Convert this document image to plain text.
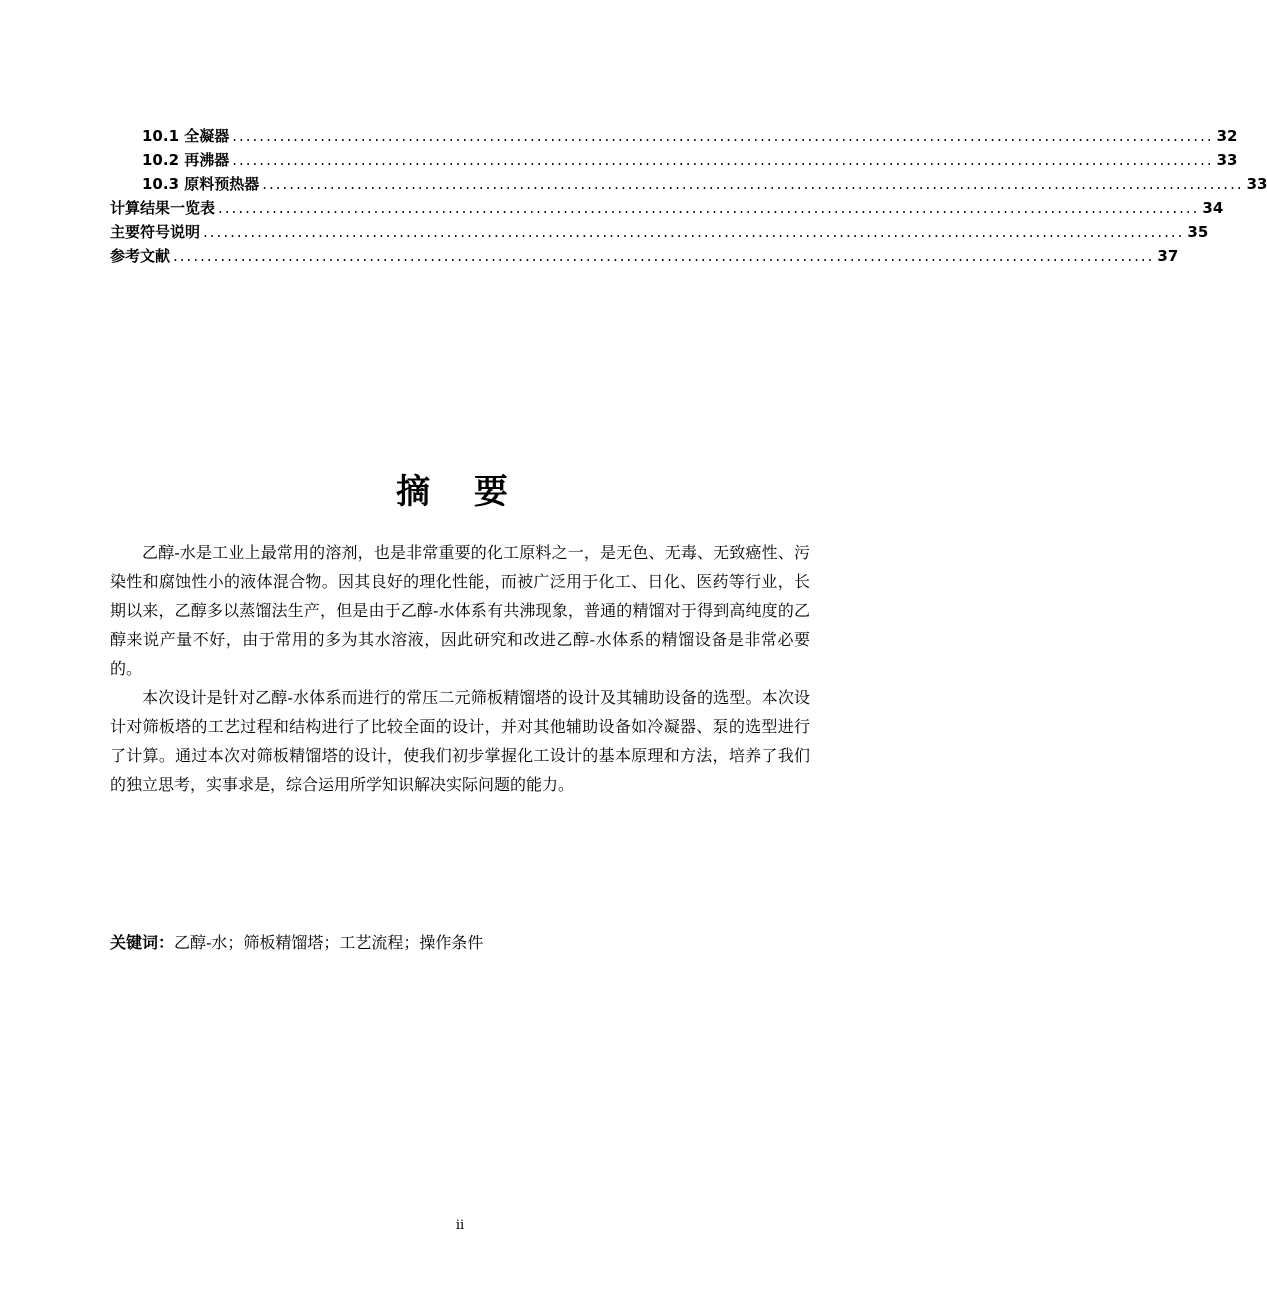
10.1 全凝器 ................................................................................................................................................. 32
10.2 再沸器 ................................................................................................................................................. 33
10.3 原料预热器 ................................................................................................................................................. 33
计算结果一览表 ................................................................................................................................................. 34
主要符号说明 ................................................................................................................................................. 35
参考文献 ................................................................................................................................................. 37
摘 要

乙醇-水是工业上最常用的溶剂，也是非常重要的化工原料之一，是无色、无毒、无致癌性、污染性和腐蚀性小的液体混合物。因其良好的理化性能，而被广泛用于化工、日化、医药等行业，长期以来，乙醇多以蒸馏法生产，但是由于乙醇-水体系有共沸现象，普通的精馏对于得到高纯度的乙醇来说产量不好，由于常用的多为其水溶液，因此研究和改进乙醇-水体系的精馏设备是非常必要的。

本次设计是针对乙醇-水体系而进行的常压二元筛板精馏塔的设计及其辅助设备的选型。本次设计对筛板塔的工艺过程和结构进行了比较全面的设计，并对其他辅助设备如冷凝器、泵的选型进行了计算。通过本次对筛板精馏塔的设计，使我们初步掌握化工设计的基本原理和方法，培养了我们的独立思考，实事求是，综合运用所学知识解决实际问题的能力。

关键词：乙醇-水；筛板精馏塔；工艺流程；操作条件
ii
